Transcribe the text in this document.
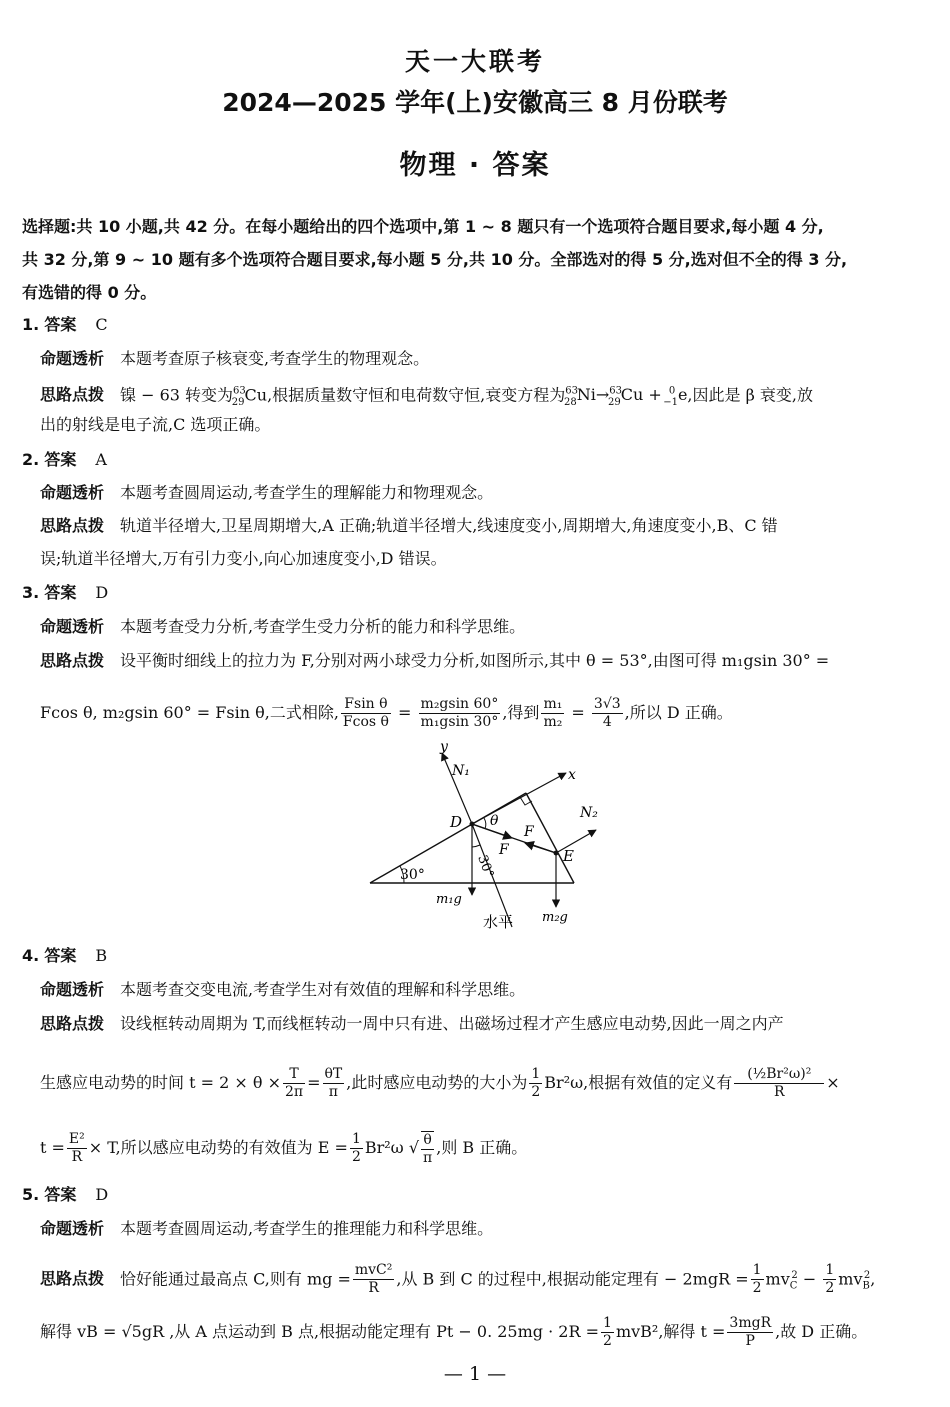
天一大联考
2024—2025 学年(上)安徽高三 8 月份联考
物理 · 答案
选择题:共 10 小题,共 42 分。在每小题给出的四个选项中,第 1 ~ 8 题只有一个选项符合题目要求,每小题 4 分,
共 32 分,第 9 ~ 10 题有多个选项符合题目要求,每小题 5 分,共 10 分。全部选对的得 5 分,选对但不全的得 3 分,
有选错的得 0 分。
1. 答案 C
命题透析 本题考查原子核衰变,考查学生的物理观念。
思路点拨 镍 − 63 转变为$^{63}_{29}$Cu,根据质量数守恒和电荷数守恒,衰变方程为$^{63}_{28}$Ni→$^{63}_{29}$Cu +  $^0_{-1}$e,因此是 β 衰变,放
出的射线是电子流,C 选项正确。
2. 答案 A
命题透析 本题考查圆周运动,考查学生的理解能力和物理观念。
思路点拨 轨道半径增大,卫星周期增大,A 正确;轨道半径增大,线速度变小,周期增大,角速度变小,B、C 错
误;轨道半径增大,万有引力变小,向心加速度变小,D 错误。
3. 答案 D
命题透析 本题考查受力分析,考查学生受力分析的能力和科学思维。
思路点拨 设平衡时细线上的拉力为 F,分别对两小球受力分析,如图所示,其中 θ = 53°,由图可得 m₁gsin 30° =
Fcos θ, m₂gsin 60° = Fsin θ,二式相除, $\frac{\text{Fsin θ}}{\text{Fcos θ}} = \frac{\text{m₂gsin 60°}}{\text{m₁gsin 30°}}$ ,得到 $\frac{\text{m₁}}{\text{m₂}} = \frac{3√3}{4}$ ,所以 D 正确。
y
x
N₁
N₂
D
E
θ
F
F
30°	30°
m₁g
m₂g
水平
4. 答案 B
命题透析 本题考查交变电流,考查学生对有效值的理解和科学思维。
思路点拨 设线框转动周期为 T,而线框转动一周中只有进、出磁场过程才产生感应电动势,因此一周之内产
生感应电动势的时间 $t = 2 \times \theta \times \frac{T}{2\pi} = \frac{\theta T}{\pi}$ ,此时感应电动势的大小为 $\frac{1}{2} Br^2\omega$,根据有效值的定义有 $\frac{\text{(½Br²ω)²}}{R}$ ×
$t = \frac{\text{E²}}{R} \times T$,所以感应电动势的有效值为 $E = \frac{1}{2} Br^2\omega$ √ $\frac{\theta}{\pi}$ ,则 B 正确。
5. 答案 D
命题透析 本题考查圆周运动,考查学生的推理能力和科学思维。
思路点拨 恰好能通过最高点 C,则有 mg = $\frac{\text{mvC²}}{R}$ ,从 B 到 C 的过程中,根据动能定理有 − $2mgR = \frac{1}{2} mv_C^2 - \frac{1}{2} mv_B^2$,
解得 vB = √5gR ,从 A 点运动到 B 点,根据动能定理有 Pt − 0. $25mg \cdot 2R = \frac{1}{2} mvB^2$,解得 $t = \frac{\text{3mgR}}{P}$ ,故 D 正确。
— 1 —
